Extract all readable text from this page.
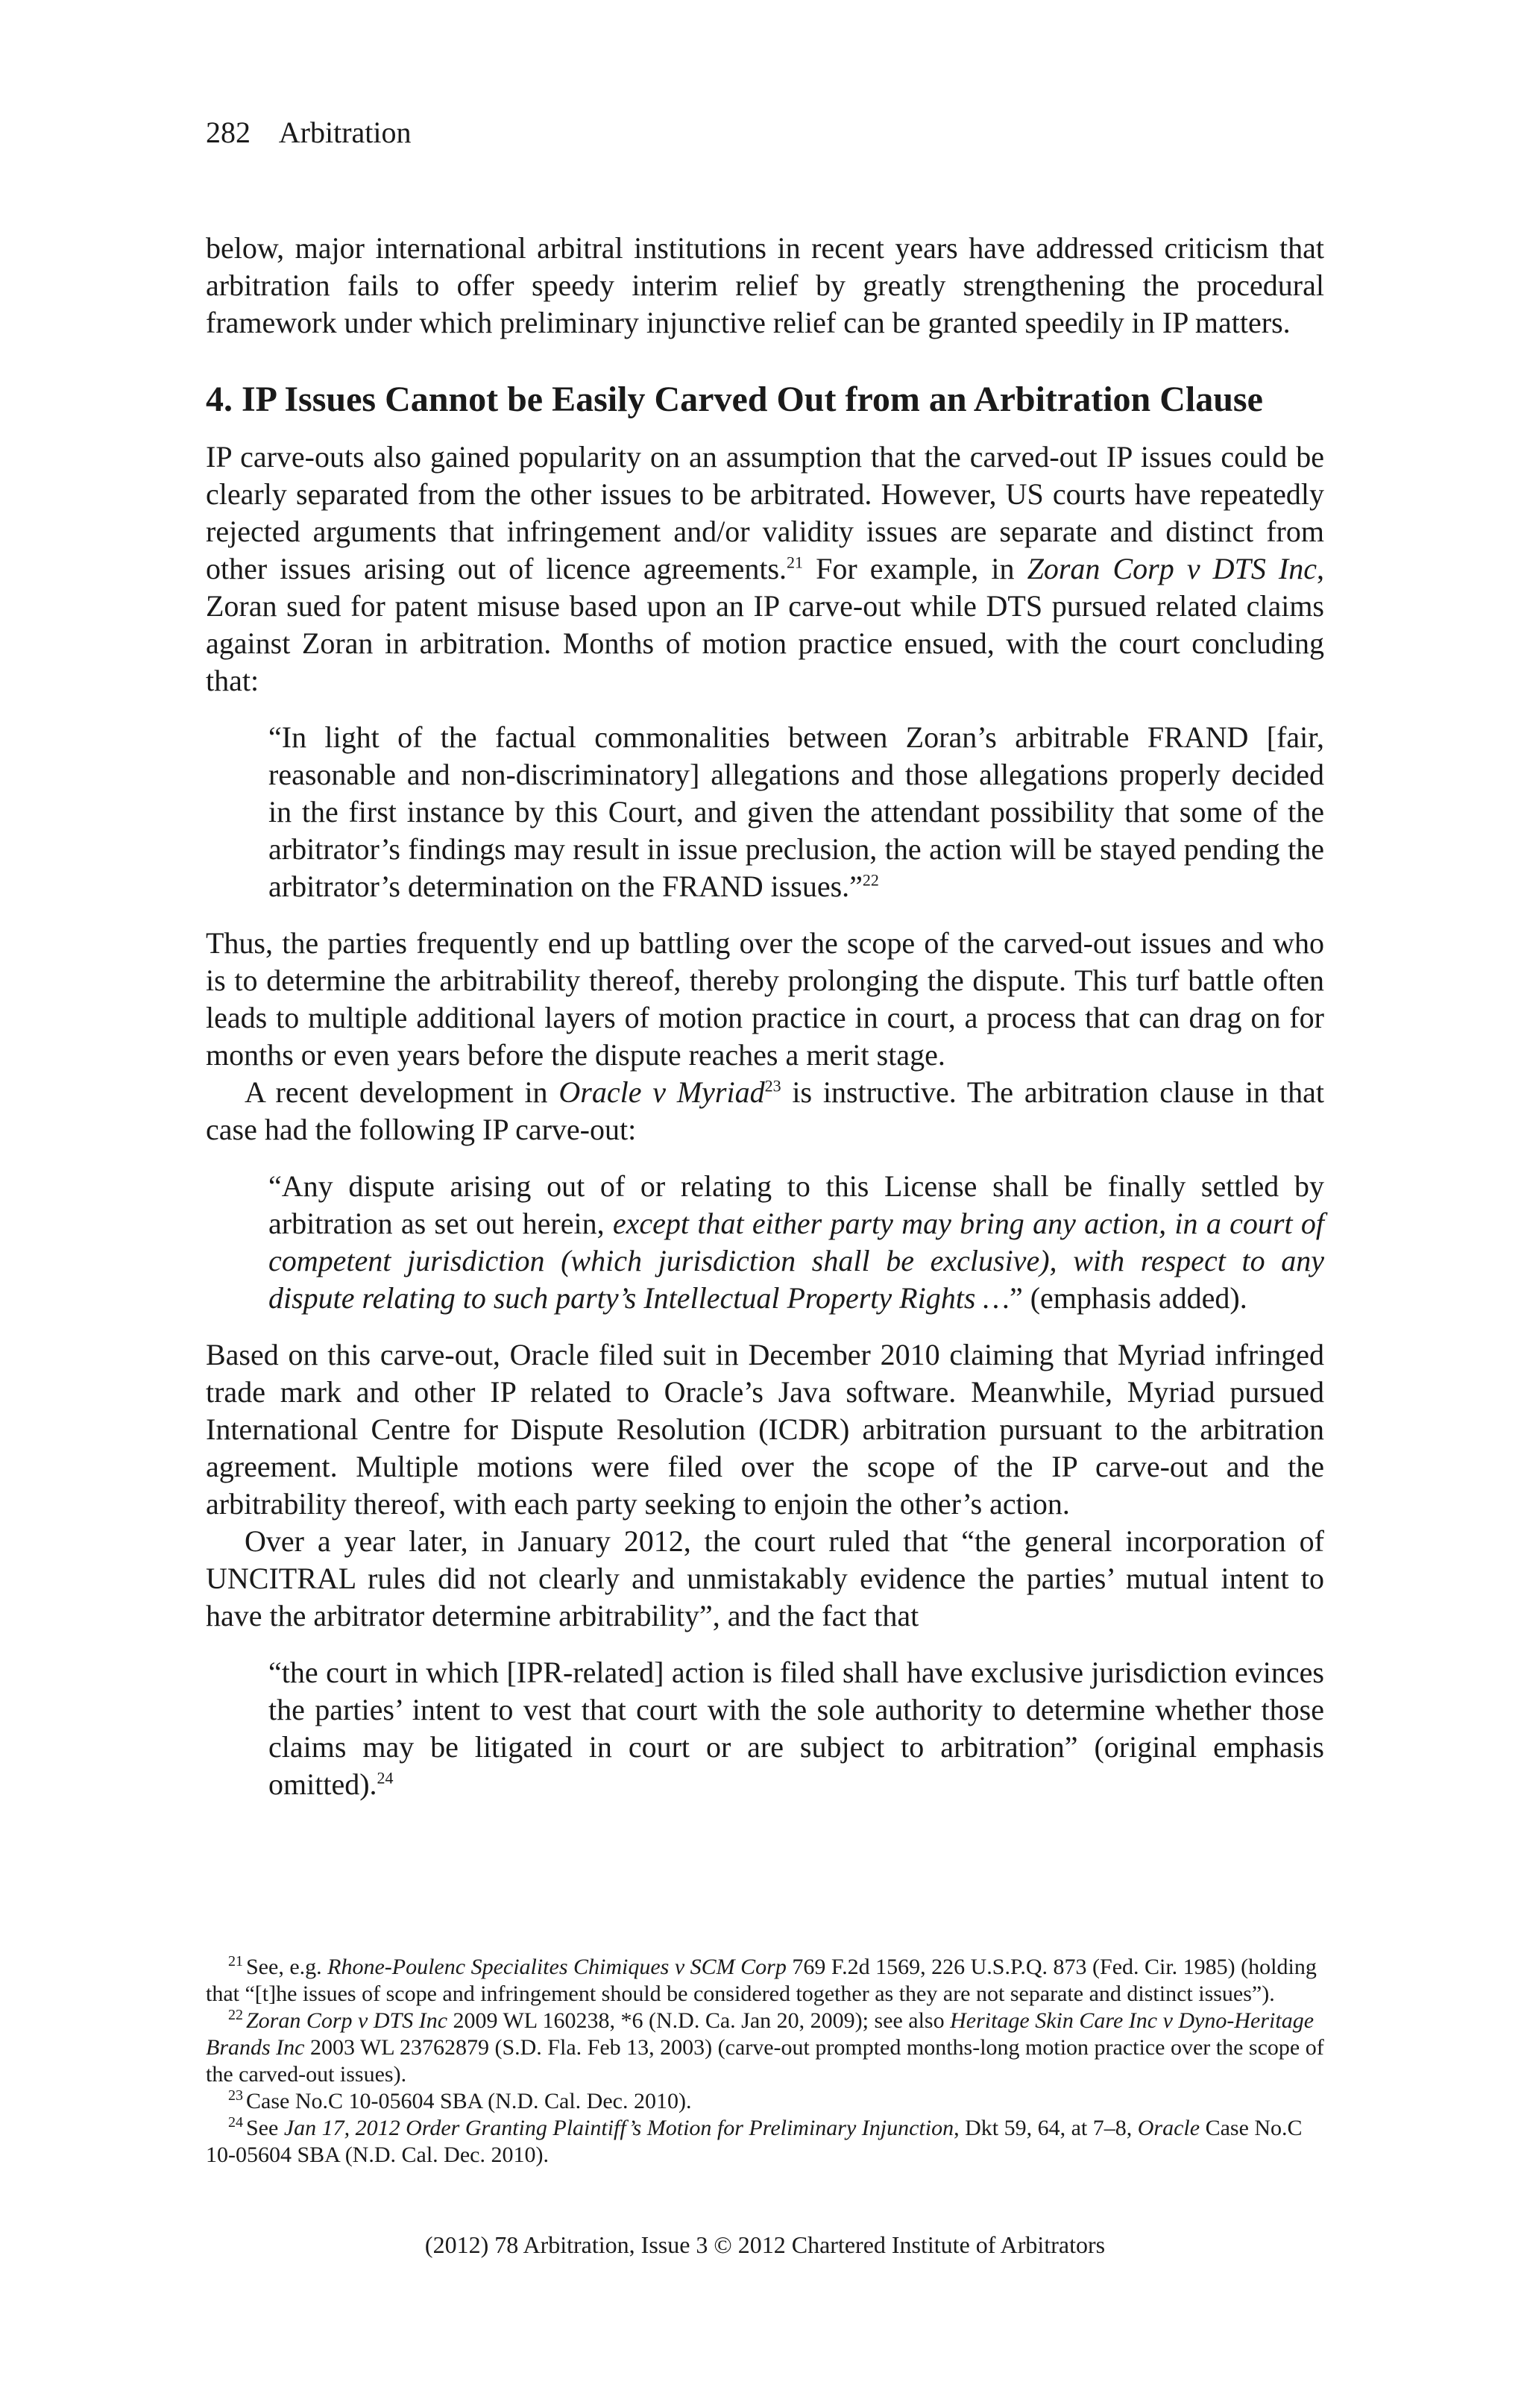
282 Arbitration

below, major international arbitral institutions in recent years have addressed criticism that arbitration fails to offer speedy interim relief by greatly strengthening the procedural framework under which preliminary injunctive relief can be granted speedily in IP matters.

4. IP Issues Cannot be Easily Carved Out from an Arbitration Clause

IP carve-outs also gained popularity on an assumption that the carved-out IP issues could be clearly separated from the other issues to be arbitrated. However, US courts have repeatedly rejected arguments that infringement and/or validity issues are separate and distinct from other issues arising out of licence agreements.$^{21}$ For example, in Zoran Corp v DTS Inc, Zoran sued for patent misuse based upon an IP carve-out while DTS pursued related claims against Zoran in arbitration. Months of motion practice ensued, with the court concluding that:

“In light of the factual commonalities between Zoran’s arbitrable FRAND [fair, reasonable and non-discriminatory] allegations and those allegations properly decided in the first instance by this Court, and given the attendant possibility that some of the arbitrator’s findings may result in issue preclusion, the action will be stayed pending the arbitrator’s determination on the FRAND issues.”$^{22}$

Thus, the parties frequently end up battling over the scope of the carved-out issues and who is to determine the arbitrability thereof, thereby prolonging the dispute. This turf battle often leads to multiple additional layers of motion practice in court, a process that can drag on for months or even years before the dispute reaches a merit stage.

A recent development in Oracle v Myriad$^{23}$ is instructive. The arbitration clause in that case had the following IP carve-out:

“Any dispute arising out of or relating to this License shall be finally settled by arbitration as set out herein, except that either party may bring any action, in a court of competent jurisdiction (which jurisdiction shall be exclusive), with respect to any dispute relating to such party’s Intellectual Property Rights …” (emphasis added).

Based on this carve-out, Oracle filed suit in December 2010 claiming that Myriad infringed trade mark and other IP related to Oracle’s Java software. Meanwhile, Myriad pursued International Centre for Dispute Resolution (ICDR) arbitration pursuant to the arbitration agreement. Multiple motions were filed over the scope of the IP carve-out and the arbitrability thereof, with each party seeking to enjoin the other’s action.

Over a year later, in January 2012, the court ruled that “the general incorporation of UNCITRAL rules did not clearly and unmistakably evidence the parties’ mutual intent to have the arbitrator determine arbitrability”, and the fact that

“the court in which [IPR-related] action is filed shall have exclusive jurisdiction evinces the parties’ intent to vest that court with the sole authority to determine whether those claims may be litigated in court or are subject to arbitration” (original emphasis omitted).$^{24}$

$^{21}$ See, e.g. Rhone-Poulenc Specialites Chimiques v SCM Corp 769 F.2d 1569, 226 U.S.P.Q. 873 (Fed. Cir. 1985) (holding that “[t]he issues of scope and infringement should be considered together as they are not separate and distinct issues”).

$^{22}$ Zoran Corp v DTS Inc 2009 WL 160238, *6 (N.D. Ca. Jan 20, 2009); see also Heritage Skin Care Inc v Dyno-Heritage Brands Inc 2003 WL 23762879 (S.D. Fla. Feb 13, 2003) (carve-out prompted months-long motion practice over the scope of the carved-out issues).

$^{23}$ Case No.C 10-05604 SBA (N.D. Cal. Dec. 2010).

$^{24}$ See Jan 17, 2012 Order Granting Plaintiff’s Motion for Preliminary Injunction, Dkt 59, 64, at 7–8, Oracle Case No.C 10-05604 SBA (N.D. Cal. Dec. 2010).

(2012) 78 Arbitration, Issue 3 © 2012 Chartered Institute of Arbitrators
